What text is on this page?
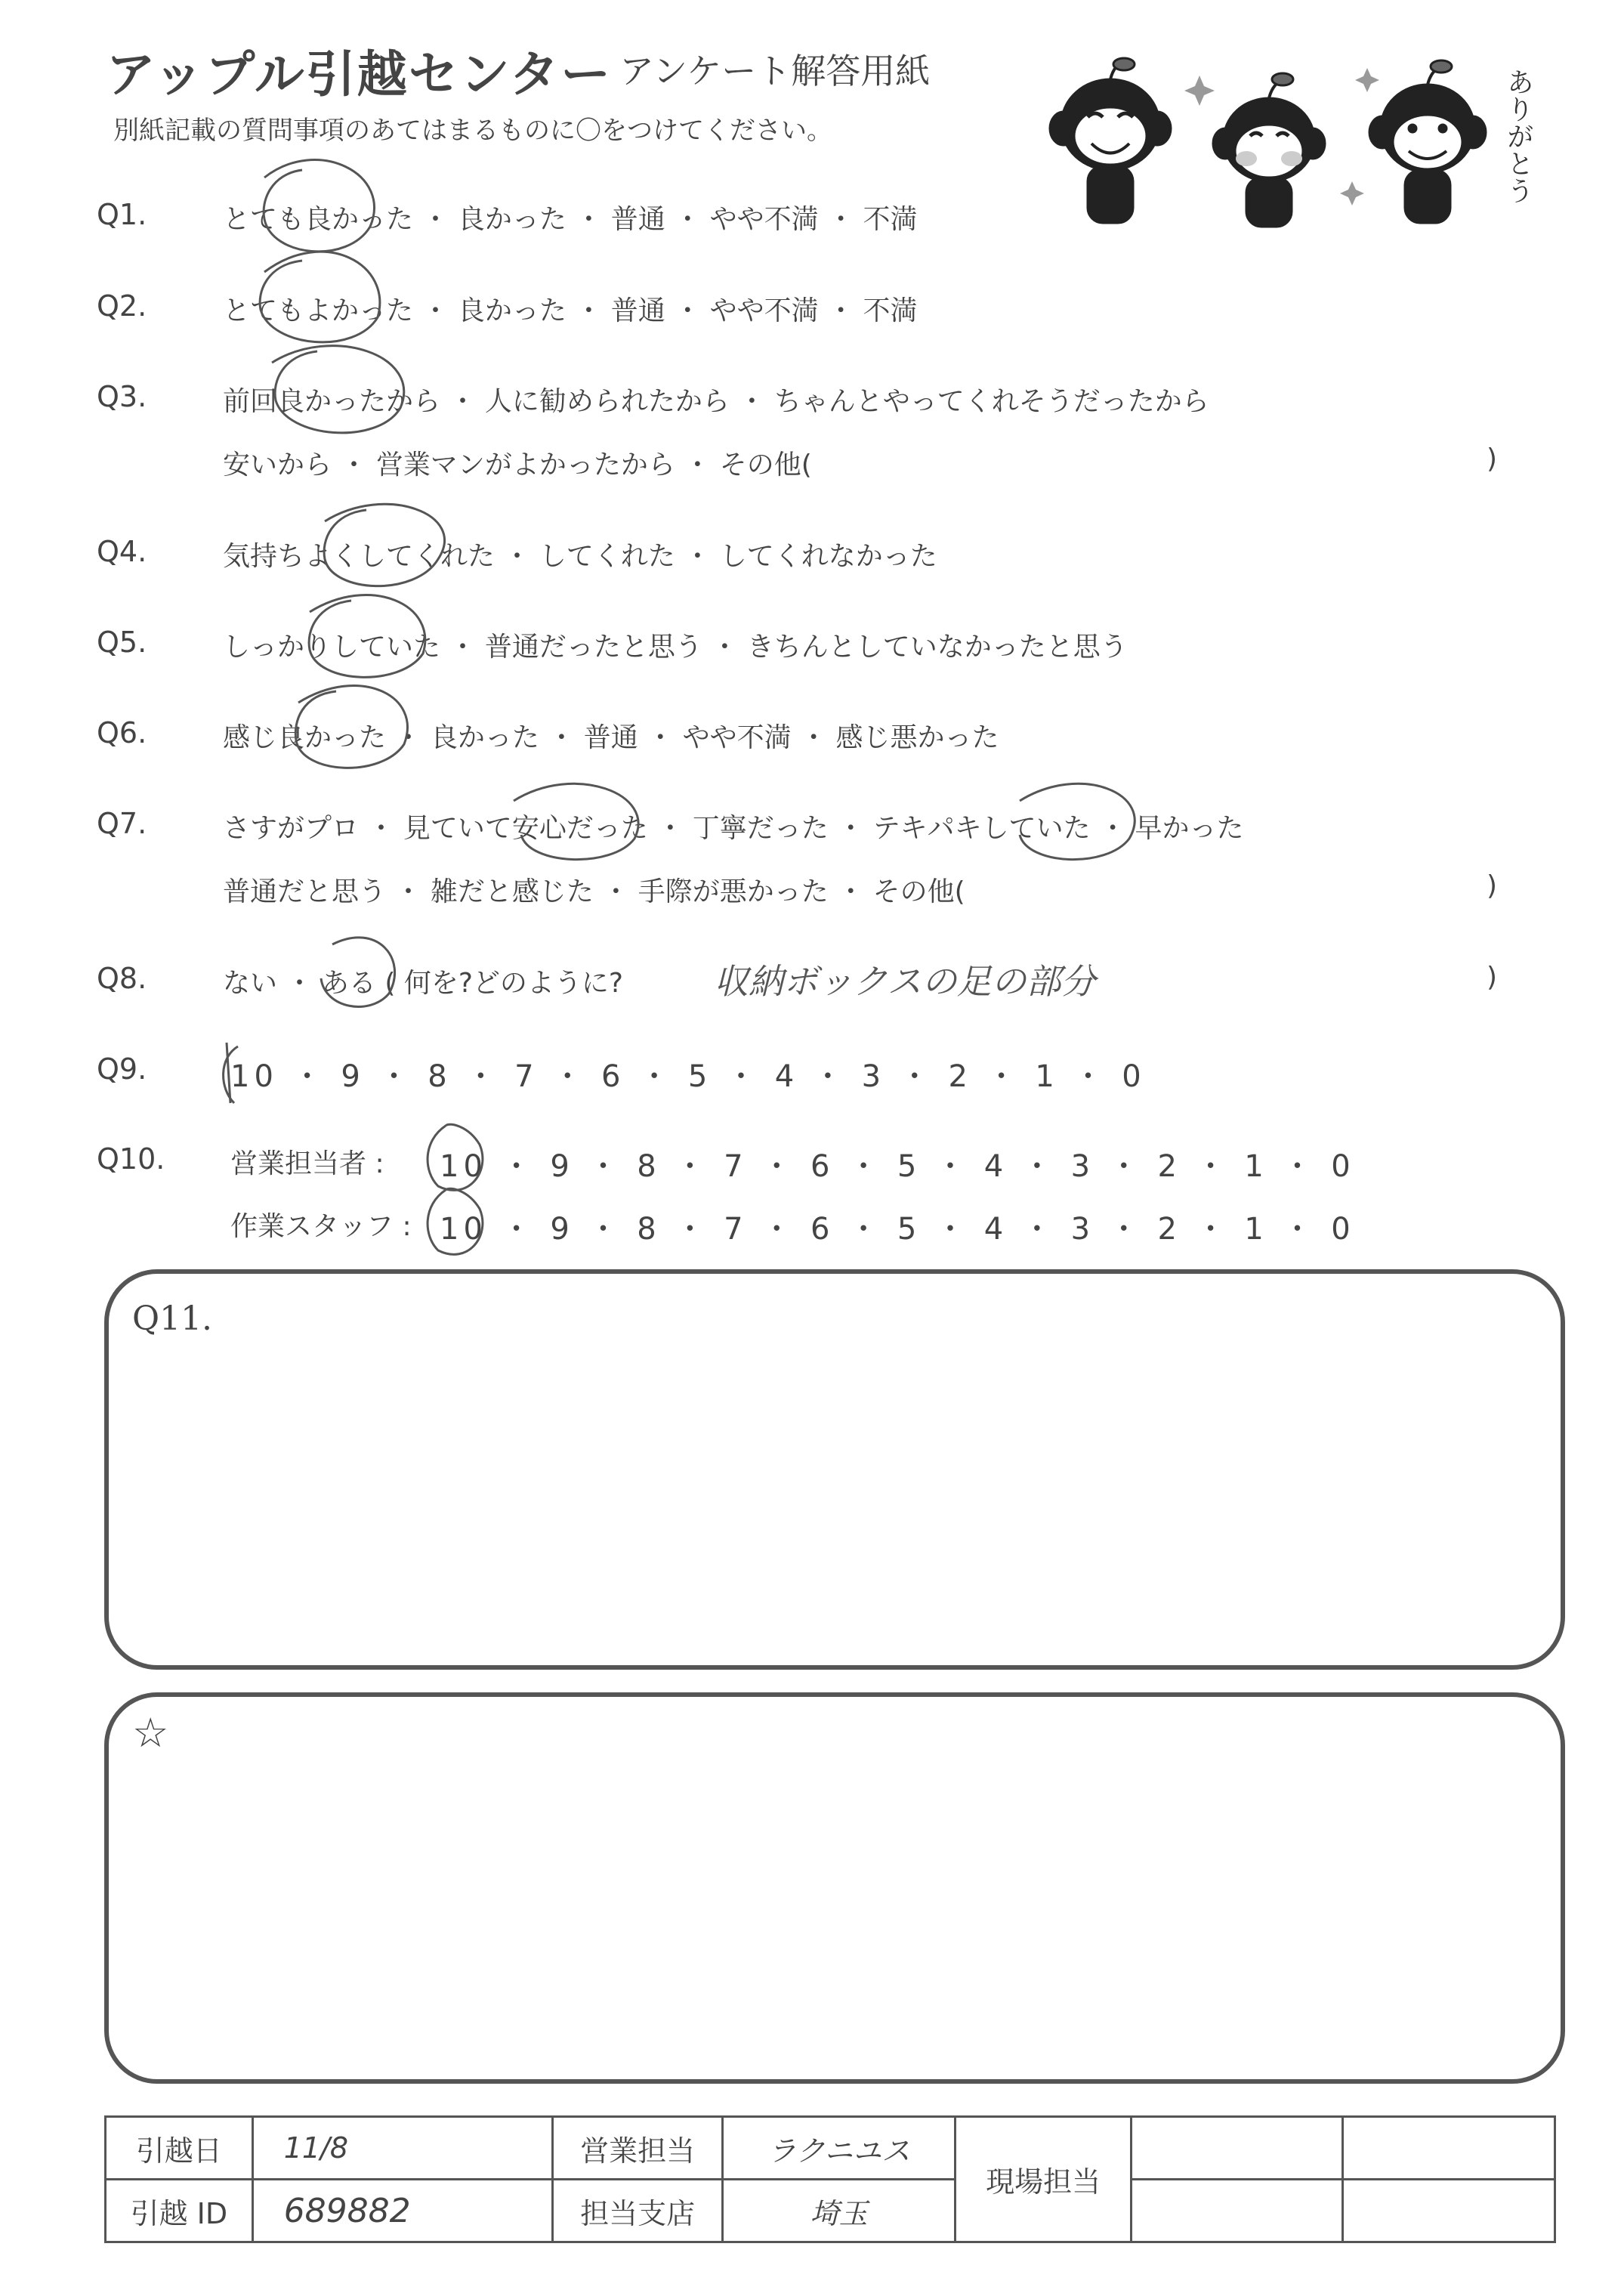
アップル引越センター アンケート解答用紙
別紙記載の質問事項のあてはまるものに〇をつけてください。	ありがとう
Q1.	とても良かった ・ 良かった ・ 普通 ・ やや不満 ・ 不満
Q2.	とてもよかった ・ 良かった ・ 普通 ・ やや不満 ・ 不満
Q3.	前回良かったから ・ 人に勧められたから ・ ちゃんとやってくれそうだったから
安いから ・ 営業マンがよかったから ・ その他(	)
Q4.	気持ちよくしてくれた ・ してくれた ・ してくれなかった
Q5.	しっかりしていた ・ 普通だったと思う ・ きちんとしていなかったと思う
Q6.	感じ良かった ・ 良かった ・ 普通 ・ やや不満 ・ 感じ悪かった
Q7.	さすがプロ ・ 見ていて安心だった ・ 丁寧だった ・ テキパキしていた ・ 早かった
普通だと思う ・ 雑だと感じた ・ 手際が悪かった ・ その他(	)
Q8.	ない ・ ある ( 何を?どのように?	収納ボックスの足の部分	)
Q9.	10 ・ 9 ・ 8 ・ 7 ・ 6 ・ 5 ・ 4 ・ 3 ・ 2 ・ 1 ・ 0
Q10. 営業担当者 : 10 ・ 9 ・ 8 ・ 7 ・ 6 ・ 5 ・ 4 ・ 3 ・ 2 ・ 1 ・ 0
作業スタッフ : 10 ・ 9 ・ 8 ・ 7 ・ 6 ・ 5 ・ 4 ・ 3 ・ 2 ・ 1 ・ 0
Q11.
☆
引越日	11/8	営業担当	ラクニユス	現場担当		
引越 ID	689882	担当支店	埼玉			
